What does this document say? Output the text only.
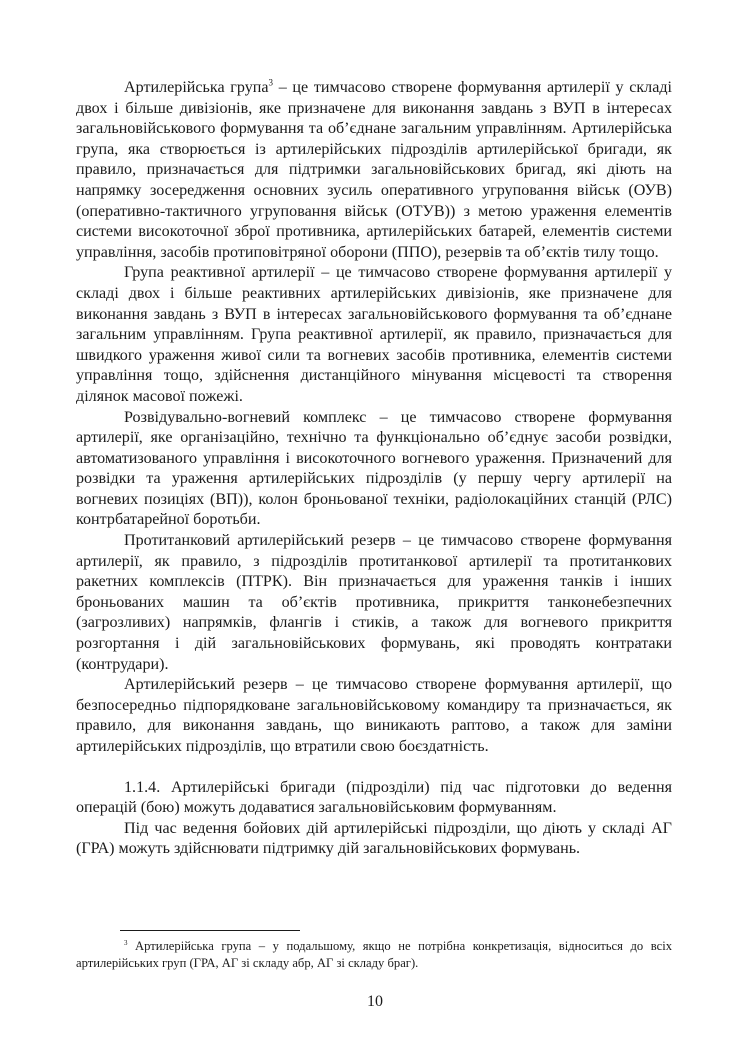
Артилерійська група$^3$ – це тимчасово створене формування артилерії у складі двох і більше дивізіонів, яке призначене для виконання завдань з ВУП в інтересах загальновійськового формування та об’єднане загальним управлінням. Артилерійська група, яка створюється із артилерійських підрозділів артилерійської бригади, як правило, призначається для підтримки загальновійськових бригад, які діють на напрямку зосередження основних зусиль оперативного угруповання військ (ОУВ) (оперативно-тактичного угруповання військ (ОТУВ)) з метою ураження елементів системи високоточної зброї противника, артилерійських батарей, елементів системи управління, засобів протиповітряної оборони (ППО), резервів та об’єктів тилу тощо.

Група реактивної артилерії – це тимчасово створене формування артилерії у складі двох і більше реактивних артилерійських дивізіонів, яке призначене для виконання завдань з ВУП в інтересах загальновійськового формування та об’єднане загальним управлінням. Група реактивної артилерії, як правило, призначається для швидкого ураження живої сили та вогневих засобів противника, елементів системи управління тощо, здійснення дистанційного мінування місцевості та створення ділянок масової пожежі.

Розвідувально-вогневий комплекс – це тимчасово створене формування артилерії, яке організаційно, технічно та функціонально об’єднує засоби розвідки, автоматизованого управління і високоточного вогневого ураження. Призначений для розвідки та ураження артилерійських підрозділів (у першу чергу артилерії на вогневих позиціях (ВП)), колон броньованої техніки, радіолокаційних станцій (РЛС) контрбатарейної боротьби.

Протитанковий артилерійський резерв – це тимчасово створене формування артилерії, як правило, з підрозділів протитанкової артилерії та протитанкових ракетних комплексів (ПТРК). Він призначається для ураження танків і інших броньованих машин та об’єктів противника, прикриття танконебезпечних (загрозливих) напрямків, флангів і стиків, а також для вогневого прикриття розгортання і дій загальновійськових формувань, які проводять контратаки (контрудари).

Артилерійський резерв – це тимчасово створене формування артилерії, що безпосередньо підпорядковане загальновійськовому командиру та призначається, як правило, для виконання завдань, що виникають раптово, а також для заміни артилерійських підрозділів, що втратили свою боєздатність.

1.1.4. Артилерійські бригади (підрозділи) під час підготовки до ведення операцій (бою) можуть додаватися загальновійськовим формуванням.

Під час ведення бойових дій артилерійські підрозділи, що діють у складі АГ (ГРА) можуть здійснювати підтримку дій загальновійськових формувань.

$^3$ Артилерійська група – у подальшому, якщо не потрібна конкретизація, відноситься до всіх артилерійських груп (ГРА, АГ зі складу абр, АГ зі складу браг).

10
